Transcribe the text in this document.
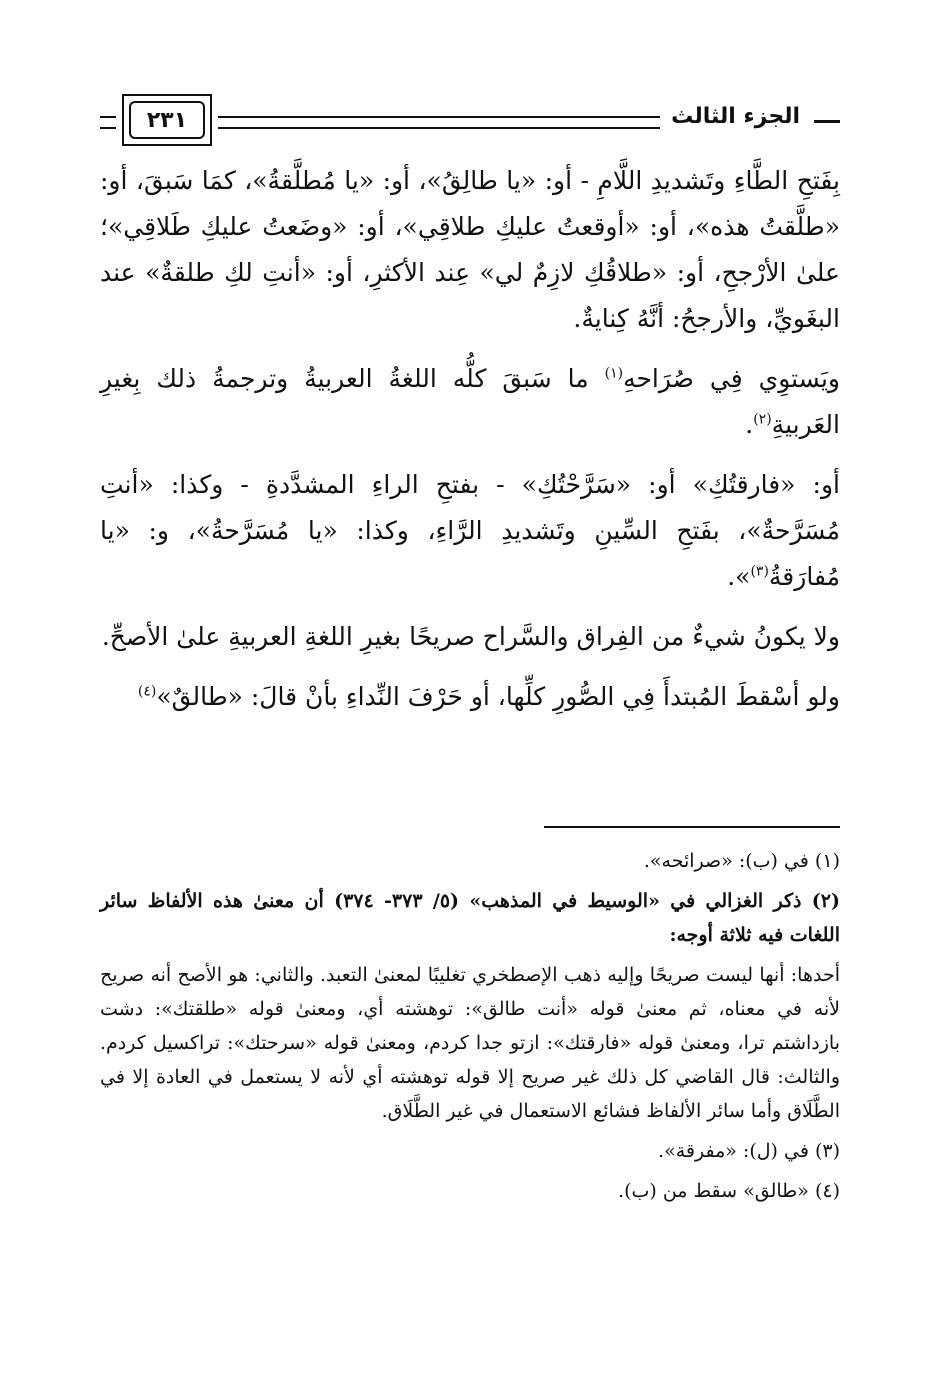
الجزء الثالث
٢٣١

بِفَتحِ الطَّاءِ وتَشديدِ اللَّامِ - أو: «يا طالِقُ»، أو: «يا مُطلَّقةُ»، كمَا سَبقَ، أو: «طلَّقتُ هذه»، أو: «أوقعتُ عليكِ طلاقِي»، أو: «وضَعتُ عليكِ طَلاقِي»؛ علىٰ الأرْجحِ، أو: «طلاقُكِ لازِمٌ لي» عِند الأكثرِ، أو: «أنتِ لكِ طلقةٌ» عند البغَويِّ، والأرجحُ: أنَّهُ كِنايةٌ.

ويَستوِي فِي صُرَاحهِ$^{(١)}$ ما سَبقَ كلُّه اللغةُ العربيةُ وترجمةُ ذلك بِغيرِ العَربيةِ$^{(٢)}$.

أو: «فارقتُكِ» أو: «سَرَّحْتُكِ» - بفتحِ الراءِ المشدَّدةِ - وكذا: «أنتِ مُسَرَّحةٌ»، بفَتحِ السِّينِ وتَشديدِ الرَّاءِ، وكذا: «يا مُسَرَّحةُ»، و: «يا مُفارَقةُ$^{(٣)}$».

ولا يكونُ شيءٌ من الفِراق والسَّراح صريحًا بغيرِ اللغةِ العربيةِ علىٰ الأصحِّ.

ولو أسْقطَ المُبتدأَ فِي الصُّورِ كلِّها، أو حَرْفَ النِّداءِ بأنْ قالَ: «طالقٌ»$^{(٤)}$

(١) في (ب): «صرائحه».

(٢) ذكر الغزالي في «الوسيط في المذهب» (٥/ ٣٧٣- ٣٧٤) أن معنىٰ هذه الألفاظ سائر اللغات فيه ثلاثة أوجه:

أحدها: أنها ليست صريحًا وإليه ذهب الإصطخري تغليبًا لمعنىٰ التعبد. والثاني: هو الأصح أنه صريح لأنه في معناه، ثم معنىٰ قوله «أنت طالق»: توهشته أي، ومعنىٰ قوله «طلقتك»: دشت بازداشتم ترا، ومعنىٰ قوله «فارقتك»: ازتو جدا كردم، ومعنىٰ قوله «سرحتك»: تراكسيل كردم. والثالث: قال القاضي كل ذلك غير صريح إلا قوله توهشته أي لأنه لا يستعمل في العادة إلا في الطَّلَاق وأما سائر الألفاظ فشائع الاستعمال في غير الطَّلَاق.

(٣) في (ل): «مفرقة».

(٤) «طالق» سقط من (ب).
